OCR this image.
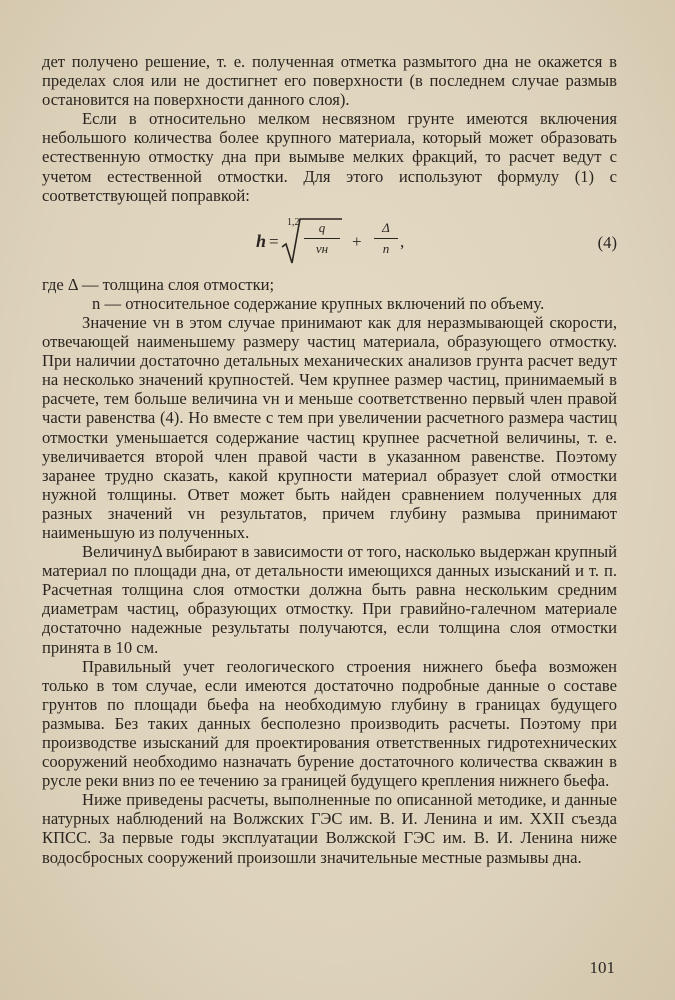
дет получено решение, т. е. полученная отметка размытого дна не окажется в пределах слоя или не достигнет его поверхности (в последнем случае размыв остановится на поверхности данного слоя).

Если в относительно мелком несвязном грунте имеются включения небольшого количества более крупного материала, который может образовать естественную отмостку дна при вымыве мелких фракций, то расчет ведут с учетом естественной отмостки. Для этого используют формулу (1) с соответствующей поправкой:

h =
1,2	q
vн	+
Δ
n ,	(4)

где Δ — толщина слоя отмостки;

n — относительное содержание крупных включений по объему.

Значение vн в этом случае принимают как для неразмывающей скорости, отвечающей наименьшему размеру частиц материала, образующего отмостку. При наличии достаточно детальных механических анализов грунта расчет ведут на несколько значений крупностей. Чем крупнее размер частиц, принимаемый в расчете, тем больше величина vн и меньше соответственно первый член правой части равенства (4). Но вместе с тем при увеличении расчетного размера частиц отмостки уменьшается содержание частиц крупнее расчетной величины, т. е. увеличивается второй член правой части в указанном равенстве. Поэтому заранее трудно сказать, какой крупности материал образует слой отмостки нужной толщины. Ответ может быть найден сравнением полученных для разных значений vн результатов, причем глубину размыва принимают наименьшую из полученных.

ВеличинуΔ выбирают в зависимости от того, насколько выдержан крупный материал по площади дна, от детальности имеющихся данных изысканий и т. п. Расчетная толщина слоя отмостки должна быть равна нескольким средним диаметрам частиц, образующих отмостку. При гравийно-галечном материале достаточно надежные результаты получаются, если толщина слоя отмостки принята в 10 см.

Правильный учет геологического строения нижнего бьефа возможен только в том случае, если имеются достаточно подробные данные о составе грунтов по площади бьефа на необходимую глубину в границах будущего размыва. Без таких данных бесполезно производить расчеты. Поэтому при производстве изысканий для проектирования ответственных гидротехнических сооружений необходимо назначать бурение достаточного количества скважин в русле реки вниз по ее течению за границей будущего крепления нижнего бьефа.

Ниже приведены расчеты, выполненные по описанной методике, и данные натурных наблюдений на Волжских ГЭС им. В. И. Ленина и им. XXII съезда КПСС. За первые годы эксплуатации Волжской ГЭС им. В. И. Ленина ниже водосбросных сооружений произошли значительные местные размывы дна.

101
